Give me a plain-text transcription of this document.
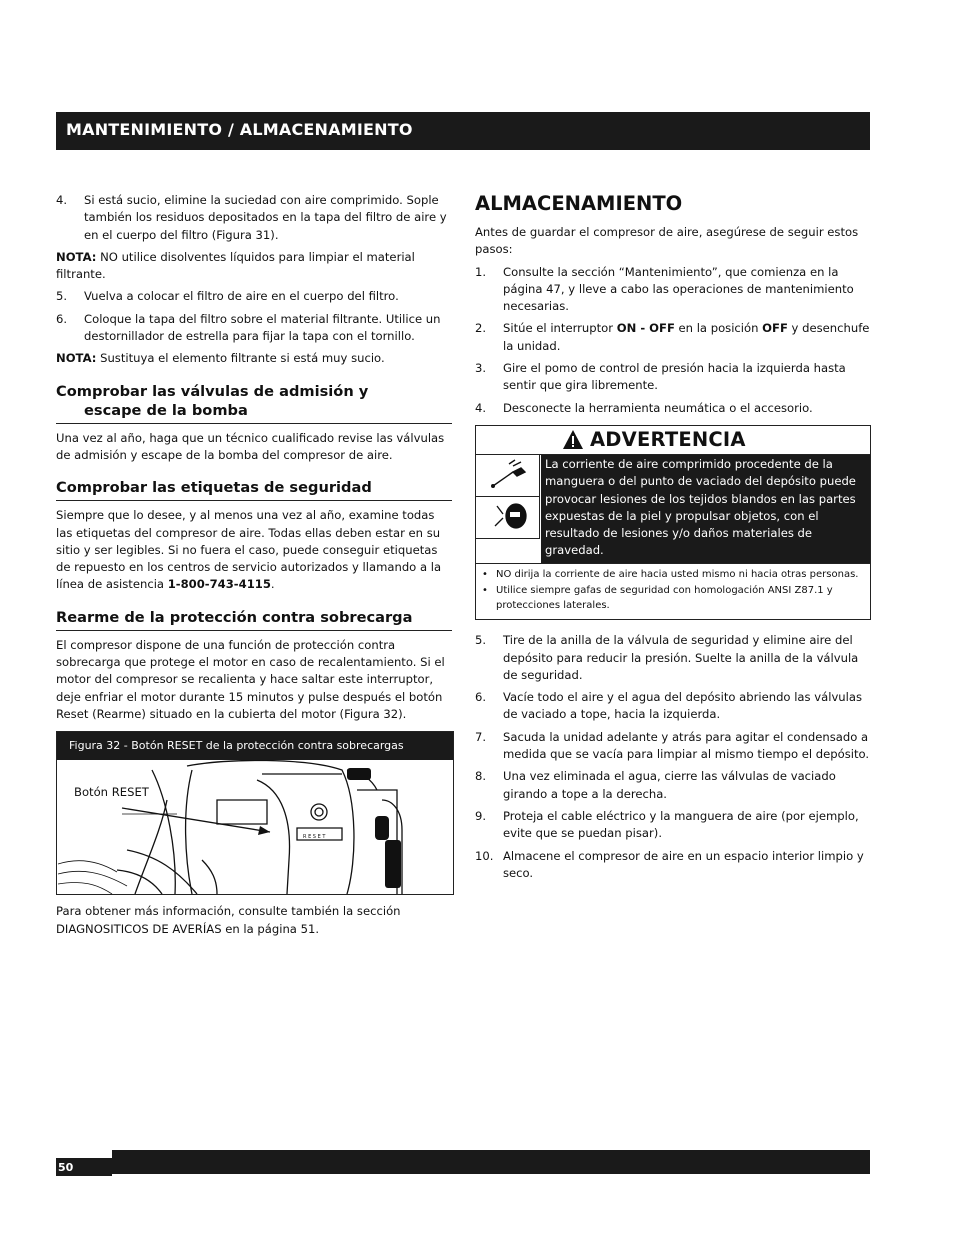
MANTENIMIENTO / ALMACENAMIENTO
4.	Si está sucio, elimine la suciedad con aire comprimido. Sople también los residuos depositados en la tapa del filtro de aire y en el cuerpo del filtro (Figura 31).

NOTA: NO utilice disolventes líquidos para limpiar el material filtrante.

5.	Vuelva a colocar el filtro de aire en el cuerpo del filtro.
6.	Coloque la tapa del filtro sobre el material filtrante. Utilice un destornillador de estrella para fijar la tapa con el tornillo.

NOTA: Sustituya el elemento filtrante si está muy sucio.

Comprobar las válvulas de admisión y
escape de la bomba

Una vez al año, haga que un técnico cualificado revise las válvulas de admisión y escape de la bomba del compresor de aire.

Comprobar las etiquetas de seguridad

Siempre que lo desee, y al menos una vez al año, examine todas las etiquetas del compresor de aire. Todas ellas deben estar en su sitio y ser legibles. Si no fuera el caso, puede conseguir etiquetas de repuesto en los centros de servicio autorizados y llamando a la línea de asistencia 1-800-743-4115.

Rearme de la protección contra sobrecarga

El compresor dispone de una función de protección contra sobrecarga que protege el motor en caso de recalentamiento. Si el motor del compresor se recalienta y hace saltar este interruptor, deje enfriar el motor durante 15 minutos y pulse después el botón Reset (Rearme) situado en la cubierta del motor (Figura 32).

Figura 32 - Botón RESET de la protección contra sobrecargas
R E S E T
Botón RESET

Para obtener más información, consulte también la sección DIAGNOSITICOS DE AVERÍAS en la página 51.

ALMACENAMIENTO

Antes de guardar el compresor de aire, asegúrese de seguir estos pasos:

1.	Consulte la sección “Mantenimiento”, que comienza en la página 47, y lleve a cabo las operaciones de mantenimiento necesarias.
2.	Sitúe el interruptor ON - OFF en la posición OFF y desenchufe la unidad.
3.	Gire el pomo de control de presión hacia la izquierda hasta sentir que gira libremente.
4.	Desconecte la herramienta neumática o el accesorio.
ADVERTENCIA
La corriente de aire comprimido procedente de la manguera o del punto de vaciado del depósito puede provocar lesiones de los tejidos blandos en las partes expuestas de la piel y propulsar objetos, con el resultado de lesiones y/o daños materiales de gravedad.
• NO dirija la corriente de aire hacia usted mismo ni hacia otras personas.
• Utilice siempre gafas de seguridad con homologación ANSI Z87.1 y protecciones laterales.
5.	Tire de la anilla de la válvula de seguridad y elimine aire del depósito para reducir la presión. Suelte la anilla de la válvula de seguridad.
6.	Vacíe todo el aire y el agua del depósito abriendo las válvulas de vaciado a tope, hacia la izquierda.
7.	Sacuda la unidad adelante y atrás para agitar el condensado a medida que se vacía para limpiar al mismo tiempo el depósito.
8.	Una vez eliminada el agua, cierre las válvulas de vaciado girando a tope a la derecha.
9.	Proteja el cable eléctrico y la manguera de aire (por ejemplo, evite que se puedan pisar).
10. Almacene el compresor de aire en un espacio interior limpio y seco.
50
